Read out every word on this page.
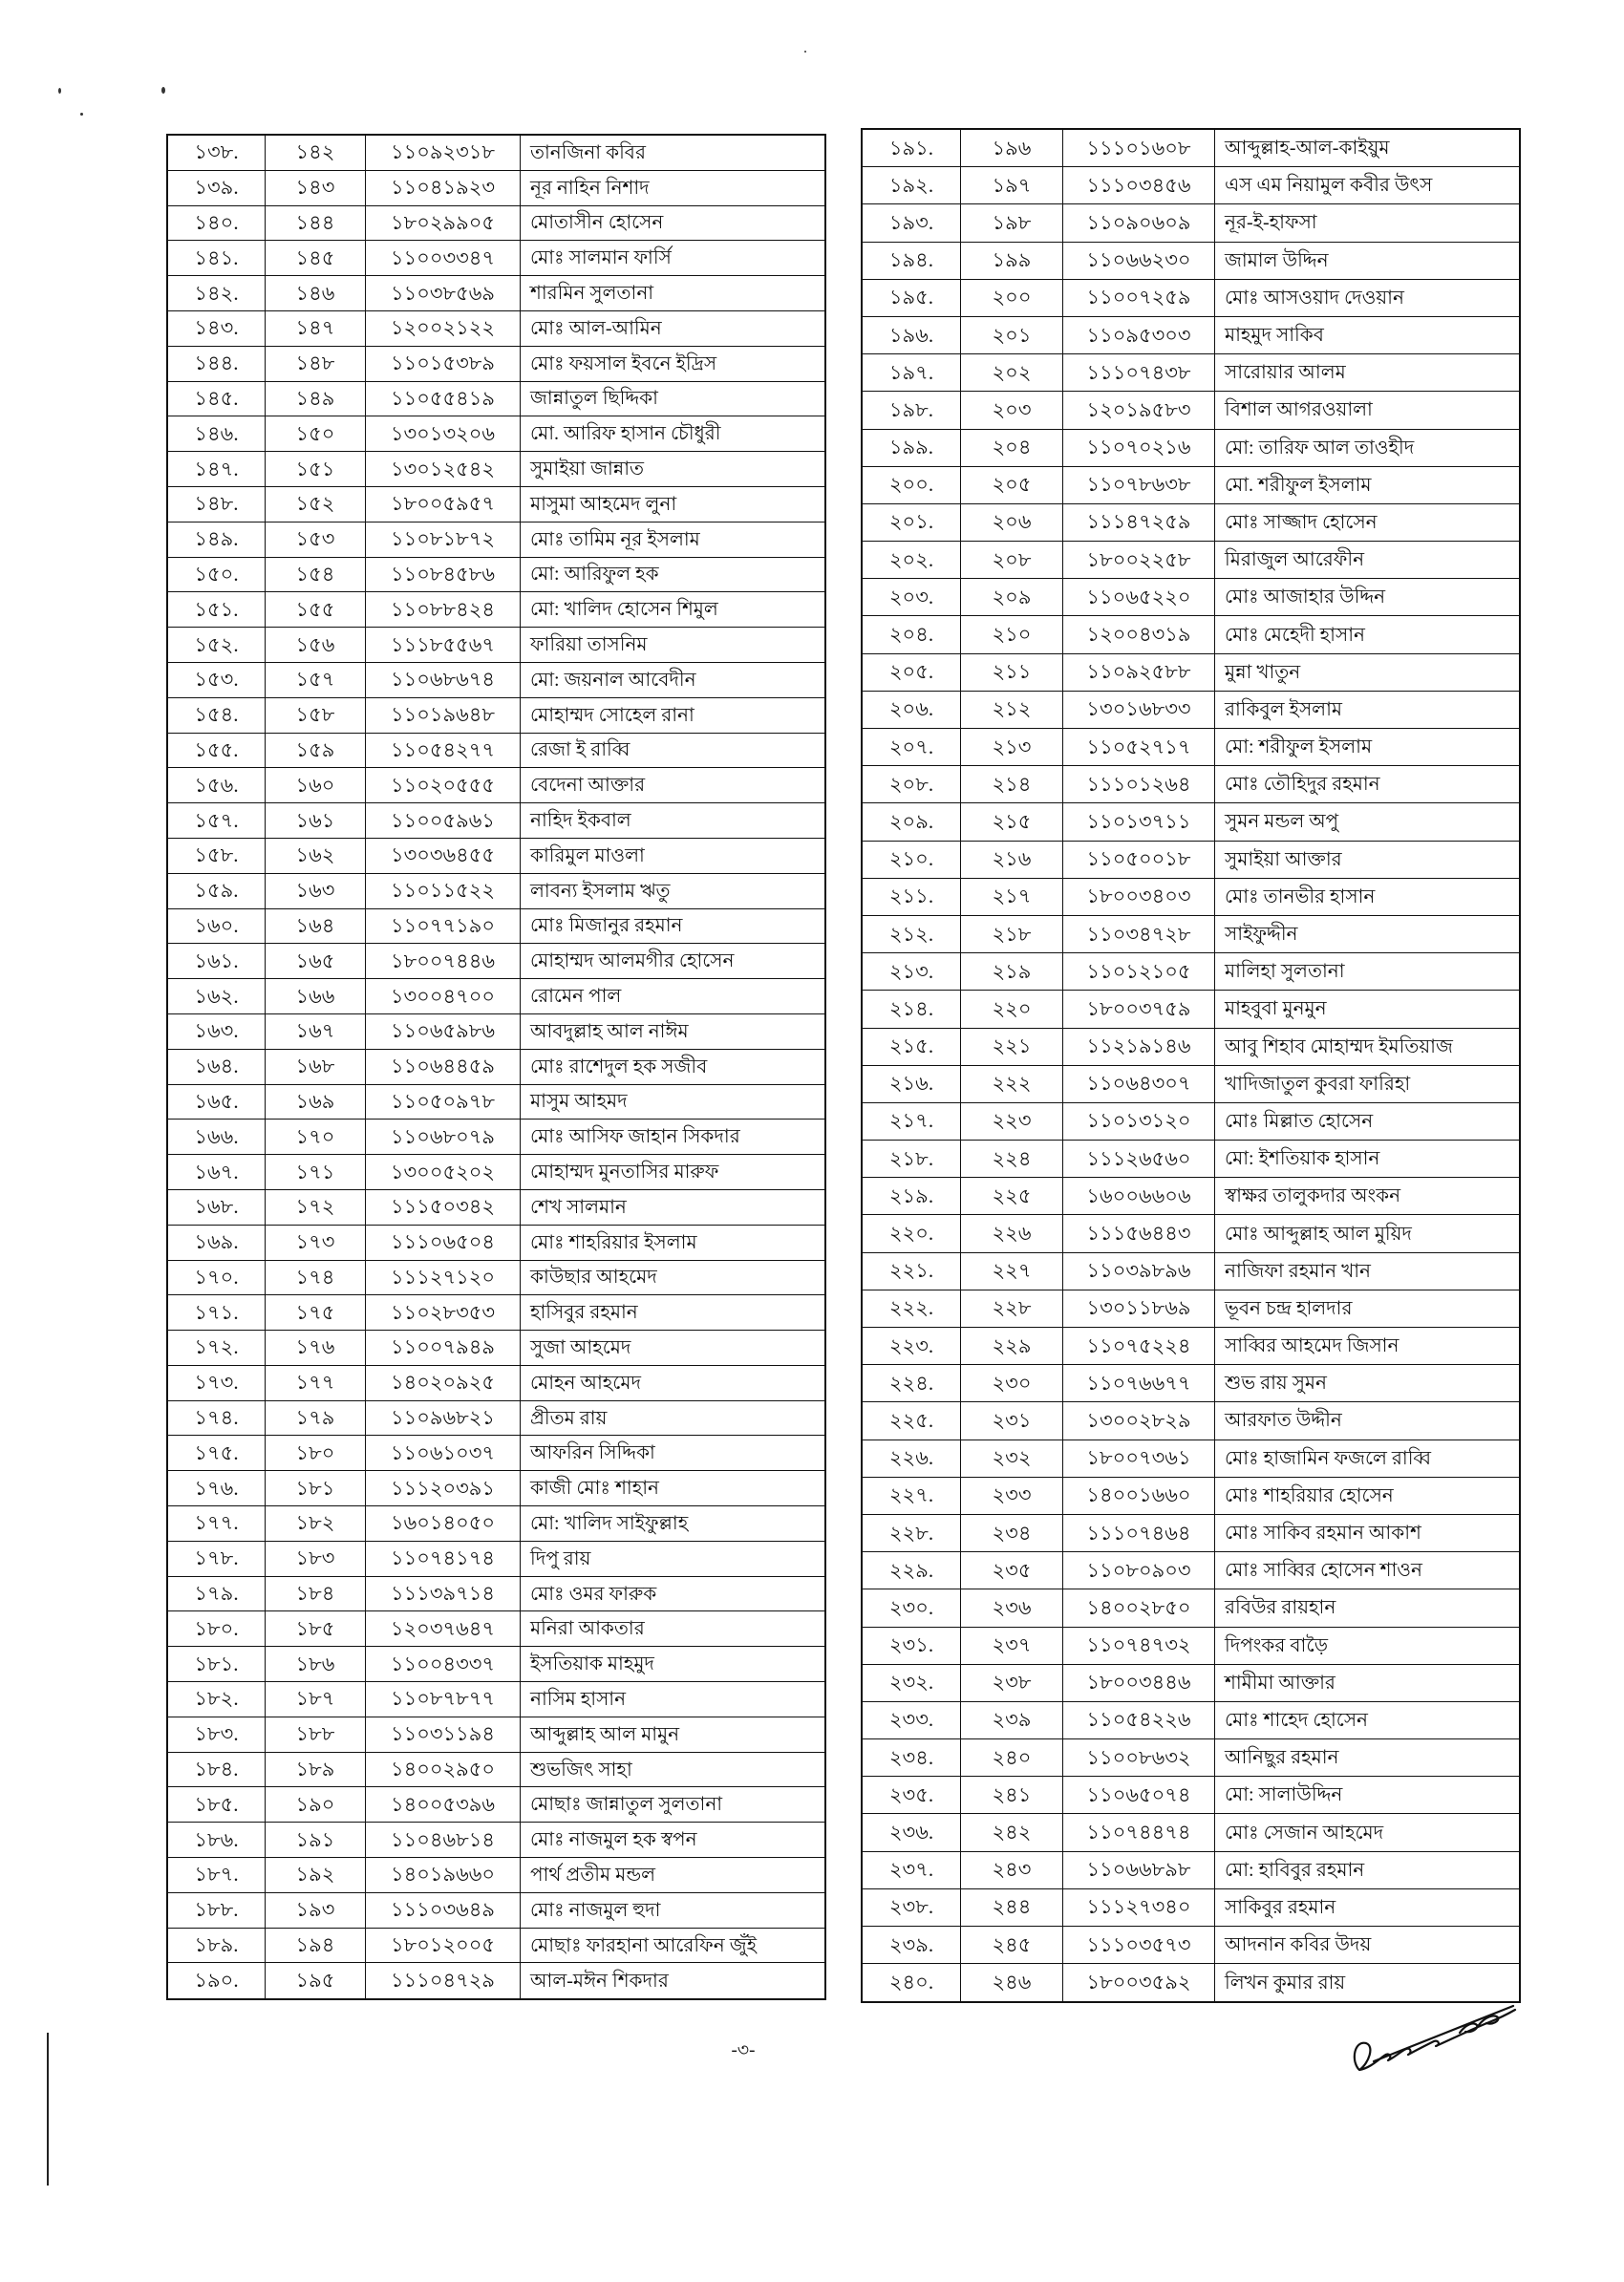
১৩৮.	১৪২	১১০৯২৩১৮	তানজিনা কবির
১৩৯.	১৪৩	১১০৪১৯২৩	নূর নাহিন নিশাদ
১৪০.	১৪৪	১৮০২৯৯০৫	মোতাসীন হোসেন
১৪১.	১৪৫	১১০০৩৩৪৭	মোঃ সালমান ফার্সি
১৪২.	১৪৬	১১০৩৮৫৬৯	শারমিন সুলতানা
১৪৩.	১৪৭	১২০০২১২২	মোঃ আল-আমিন
১৪৪.	১৪৮	১১০১৫৩৮৯	মোঃ ফয়সাল ইবনে ইদ্রিস
১৪৫.	১৪৯	১১০৫৫৪১৯	জান্নাতুল ছিদ্দিকা
১৪৬.	১৫০	১৩০১৩২০৬	মো. আরিফ হাসান চৌধুরী
১৪৭.	১৫১	১৩০১২৫৪২	সুমাইয়া জান্নাত
১৪৮.	১৫২	১৮০০৫৯৫৭	মাসুমা আহমেদ লুনা
১৪৯.	১৫৩	১১০৮১৮৭২	মোঃ তামিম নূর ইসলাম
১৫০.	১৫৪	১১০৮৪৫৮৬	মো: আরিফুল হক
১৫১.	১৫৫	১১০৮৮৪২৪	মো: খালিদ হোসেন শিমুল
১৫২.	১৫৬	১১১৮৫৫৬৭	ফারিয়া তাসনিম
১৫৩.	১৫৭	১১০৬৮৬৭৪	মো: জয়নাল আবেদীন
১৫৪.	১৫৮	১১০১৯৬৪৮	মোহাম্মদ সোহেল রানা
১৫৫.	১৫৯	১১০৫৪২৭৭	রেজা ই রাব্বি
১৫৬.	১৬০	১১০২০৫৫৫	বেদেনা আক্তার
১৫৭.	১৬১	১১০০৫৯৬১	নাহিদ ইকবাল
১৫৮.	১৬২	১৩০৩৬৪৫৫	কারিমুল মাওলা
১৫৯.	১৬৩	১১০১১৫২২	লাবন্য ইসলাম ঋতু
১৬০.	১৬৪	১১০৭৭১৯০	মোঃ মিজানুর রহমান
১৬১.	১৬৫	১৮০০৭৪৪৬	মোহাম্মদ আলমগীর হোসেন
১৬২.	১৬৬	১৩০০৪৭০০	রোমেন পাল
১৬৩.	১৬৭	১১০৬৫৯৮৬	আবদুল্লাহ আল নাঈম
১৬৪.	১৬৮	১১০৬৪৪৫৯	মোঃ রাশেদুল হক সজীব
১৬৫.	১৬৯	১১০৫০৯৭৮	মাসুম আহমদ
১৬৬.	১৭০	১১০৬৮০৭৯	মোঃ আসিফ জাহান সিকদার
১৬৭.	১৭১	১৩০০৫২০২	মোহাম্মদ মুনতাসির মারুফ
১৬৮.	১৭২	১১১৫০৩৪২	শেখ সালমান
১৬৯.	১৭৩	১১১০৬৫০৪	মোঃ শাহরিয়ার ইসলাম
১৭০.	১৭৪	১১১২৭১২০	কাউছার আহমেদ
১৭১.	১৭৫	১১০২৮৩৫৩	হাসিবুর রহমান
১৭২.	১৭৬	১১০০৭৯৪৯	সুজা আহমেদ
১৭৩.	১৭৭	১৪০২০৯২৫	মোহন আহমেদ
১৭৪.	১৭৯	১১০৯৬৮২১	প্রীতম রায়
১৭৫.	১৮০	১১০৬১০৩৭	আফরিন সিদ্দিকা
১৭৬.	১৮১	১১১২০৩৯১	কাজী মোঃ শাহান
১৭৭.	১৮২	১৬০১৪০৫০	মো: খালিদ সাইফুল্লাহ
১৭৮.	১৮৩	১১০৭৪১৭৪	দিপু রায়
১৭৯.	১৮৪	১১১৩৯৭১৪	মোঃ ওমর ফারুক
১৮০.	১৮৫	১২০৩৭৬৪৭	মনিরা আকতার
১৮১.	১৮৬	১১০০৪৩৩৭	ইসতিয়াক মাহমুদ
১৮২.	১৮৭	১১০৮৭৮৭৭	নাসিম হাসান
১৮৩.	১৮৮	১১০৩১১৯৪	আব্দুল্লাহ আল মামুন
১৮৪.	১৮৯	১৪০০২৯৫০	শুভজিৎ সাহা
১৮৫.	১৯০	১৪০০৫৩৯৬	মোছাঃ জান্নাতুল সুলতানা
১৮৬.	১৯১	১১০৪৬৮১৪	মোঃ নাজমুল হক স্বপন
১৮৭.	১৯২	১৪০১৯৬৬০	পার্থ প্রতীম মন্ডল
১৮৮.	১৯৩	১১১০৩৬৪৯	মোঃ নাজমুল হুদা
১৮৯.	১৯৪	১৮০১২০০৫	মোছাঃ ফারহানা আরেফিন জুঁই
১৯০.	১৯৫	১১১০৪৭২৯	আল-মঈন শিকদার
১৯১.	১৯৬	১১১০১৬০৮	আব্দুল্লাহ-আল-কাইয়ুম
১৯২.	১৯৭	১১১০৩৪৫৬	এস এম নিয়ামুল কবীর উৎস
১৯৩.	১৯৮	১১০৯০৬০৯	নূর-ই-হাফসা
১৯৪.	১৯৯	১১০৬৬২৩০	জামাল উদ্দিন
১৯৫.	২০০	১১০০৭২৫৯	মোঃ আসওয়াদ দেওয়ান
১৯৬.	২০১	১১০৯৫৩০৩	মাহমুদ সাকিব
১৯৭.	২০২	১১১০৭৪৩৮	সারোয়ার আলম
১৯৮.	২০৩	১২০১৯৫৮৩	বিশাল আগরওয়ালা
১৯৯.	২০৪	১১০৭০২১৬	মো: তারিফ আল তাওহীদ
২০০.	২০৫	১১০৭৮৬৩৮	মো. শরীফুল ইসলাম
২০১.	২০৬	১১১৪৭২৫৯	মোঃ সাজ্জাদ হোসেন
২০২.	২০৮	১৮০০২২৫৮	মিরাজুল আরেফীন
২০৩.	২০৯	১১০৬৫২২০	মোঃ আজাহার উদ্দিন
২০৪.	২১০	১২০০৪৩১৯	মোঃ মেহেদী হাসান
২০৫.	২১১	১১০৯২৫৮৮	মুন্না খাতুন
২০৬.	২১২	১৩০১৬৮৩৩	রাকিবুল ইসলাম
২০৭.	২১৩	১১০৫২৭১৭	মো: শরীফুল ইসলাম
২০৮.	২১৪	১১১০১২৬৪	মোঃ তৌহিদুর রহমান
২০৯.	২১৫	১১০১৩৭১১	সুমন মন্ডল অপু
২১০.	২১৬	১১০৫০০১৮	সুমাইয়া আক্তার
২১১.	২১৭	১৮০০৩৪০৩	মোঃ তানভীর হাসান
২১২.	২১৮	১১০৩৪৭২৮	সাইফুদ্দীন
২১৩.	২১৯	১১০১২১০৫	মালিহা সুলতানা
২১৪.	২২০	১৮০০৩৭৫৯	মাহবুবা মুনমুন
২১৫.	২২১	১১২১৯১৪৬	আবু শিহাব মোহাম্মদ ইমতিয়াজ
২১৬.	২২২	১১০৬৪৩০৭	খাদিজাতুল কুবরা ফারিহা
২১৭.	২২৩	১১০১৩১২০	মোঃ মিল্লাত হোসেন
২১৮.	২২৪	১১১২৬৫৬০	মো: ইশতিয়াক হাসান
২১৯.	২২৫	১৬০০৬৬০৬	স্বাক্ষর তালুকদার অংকন
২২০.	২২৬	১১১৫৬৪৪৩	মোঃ আব্দুল্লাহ আল মুয়িদ
২২১.	২২৭	১১০৩৯৮৯৬	নাজিফা রহমান খান
২২২.	২২৮	১৩০১১৮৬৯	ভূবন চন্দ্র হালদার
২২৩.	২২৯	১১০৭৫২২৪	সাব্বির আহমেদ জিসান
২২৪.	২৩০	১১০৭৬৬৭৭	শুভ রায় সুমন
২২৫.	২৩১	১৩০০২৮২৯	আরফাত উদ্দীন
২২৬.	২৩২	১৮০০৭৩৬১	মোঃ হাজামিন ফজলে রাব্বি
২২৭.	২৩৩	১৪০০১৬৬০	মোঃ শাহরিয়ার হোসেন
২২৮.	২৩৪	১১১০৭৪৬৪	মোঃ সাকিব রহমান আকাশ
২২৯.	২৩৫	১১০৮০৯০৩	মোঃ সাব্বির হোসেন শাওন
২৩০.	২৩৬	১৪০০২৮৫০	রবিউর রায়হান
২৩১.	২৩৭	১১০৭৪৭৩২	দিপংকর বাড়ৈ
২৩২.	২৩৮	১৮০০৩৪৪৬	শামীমা আক্তার
২৩৩.	২৩৯	১১০৫৪২২৬	মোঃ শাহেদ হোসেন
২৩৪.	২৪০	১১০০৮৬৩২	আনিছুর রহমান
২৩৫.	২৪১	১১০৬৫০৭৪	মো: সালাউদ্দিন
২৩৬.	২৪২	১১০৭৪৪৭৪	মোঃ সেজান আহমেদ
২৩৭.	২৪৩	১১০৬৬৮৯৮	মো: হাবিবুর রহমান
২৩৮.	২৪৪	১১১২৭৩৪০	সাকিবুর রহমান
২৩৯.	২৪৫	১১১০৩৫৭৩	আদনান কবির উদয়
২৪০.	২৪৬	১৮০০৩৫৯২	লিখন কুমার রায়
-৩-
